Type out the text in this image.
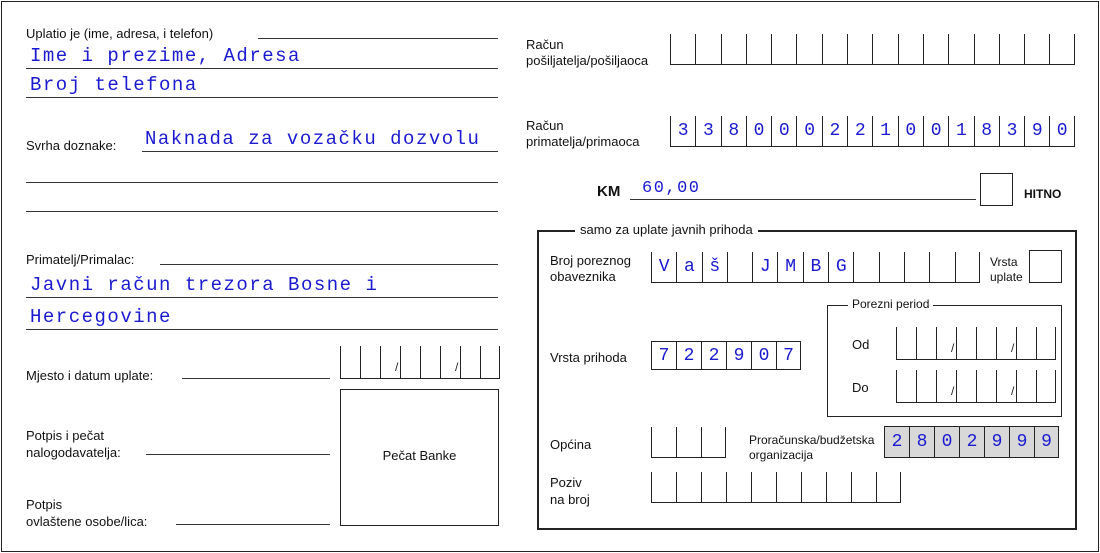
Uplatio je (ime, adresa, i telefon)
Ime i prezime, Adresa
Broj telefona
Svrha doznake: Naknada za vozačku dozvolu
Primatelj/Primalac:
Javni račun trezora Bosne i
Hercegovine
Mjesto i datum uplate:
/
/
Pečat Banke
Potpis i pečat
nalogodavatelja:
Potpis
ovlaštene osobe/lica:
Račun
pošiljatelja/pošiljaoca
Račun
primatelja/primaoca
3 3 8 0 0 0 2 2 1 0 0 1 8 3 9 0
KM 60,00	HITNO
samo za uplate javnih prihoda
Broj poreznog
obaveznika	V a š	J M B G	Vrsta
uplate
Porezni period
Od
/
/
Do
/
/
Vrsta prihoda	7 2 2 9 0 7
Općina	Proračunska/budžetska
organizacija
2 8 0 2 9 9 9
Poziv
na broj
